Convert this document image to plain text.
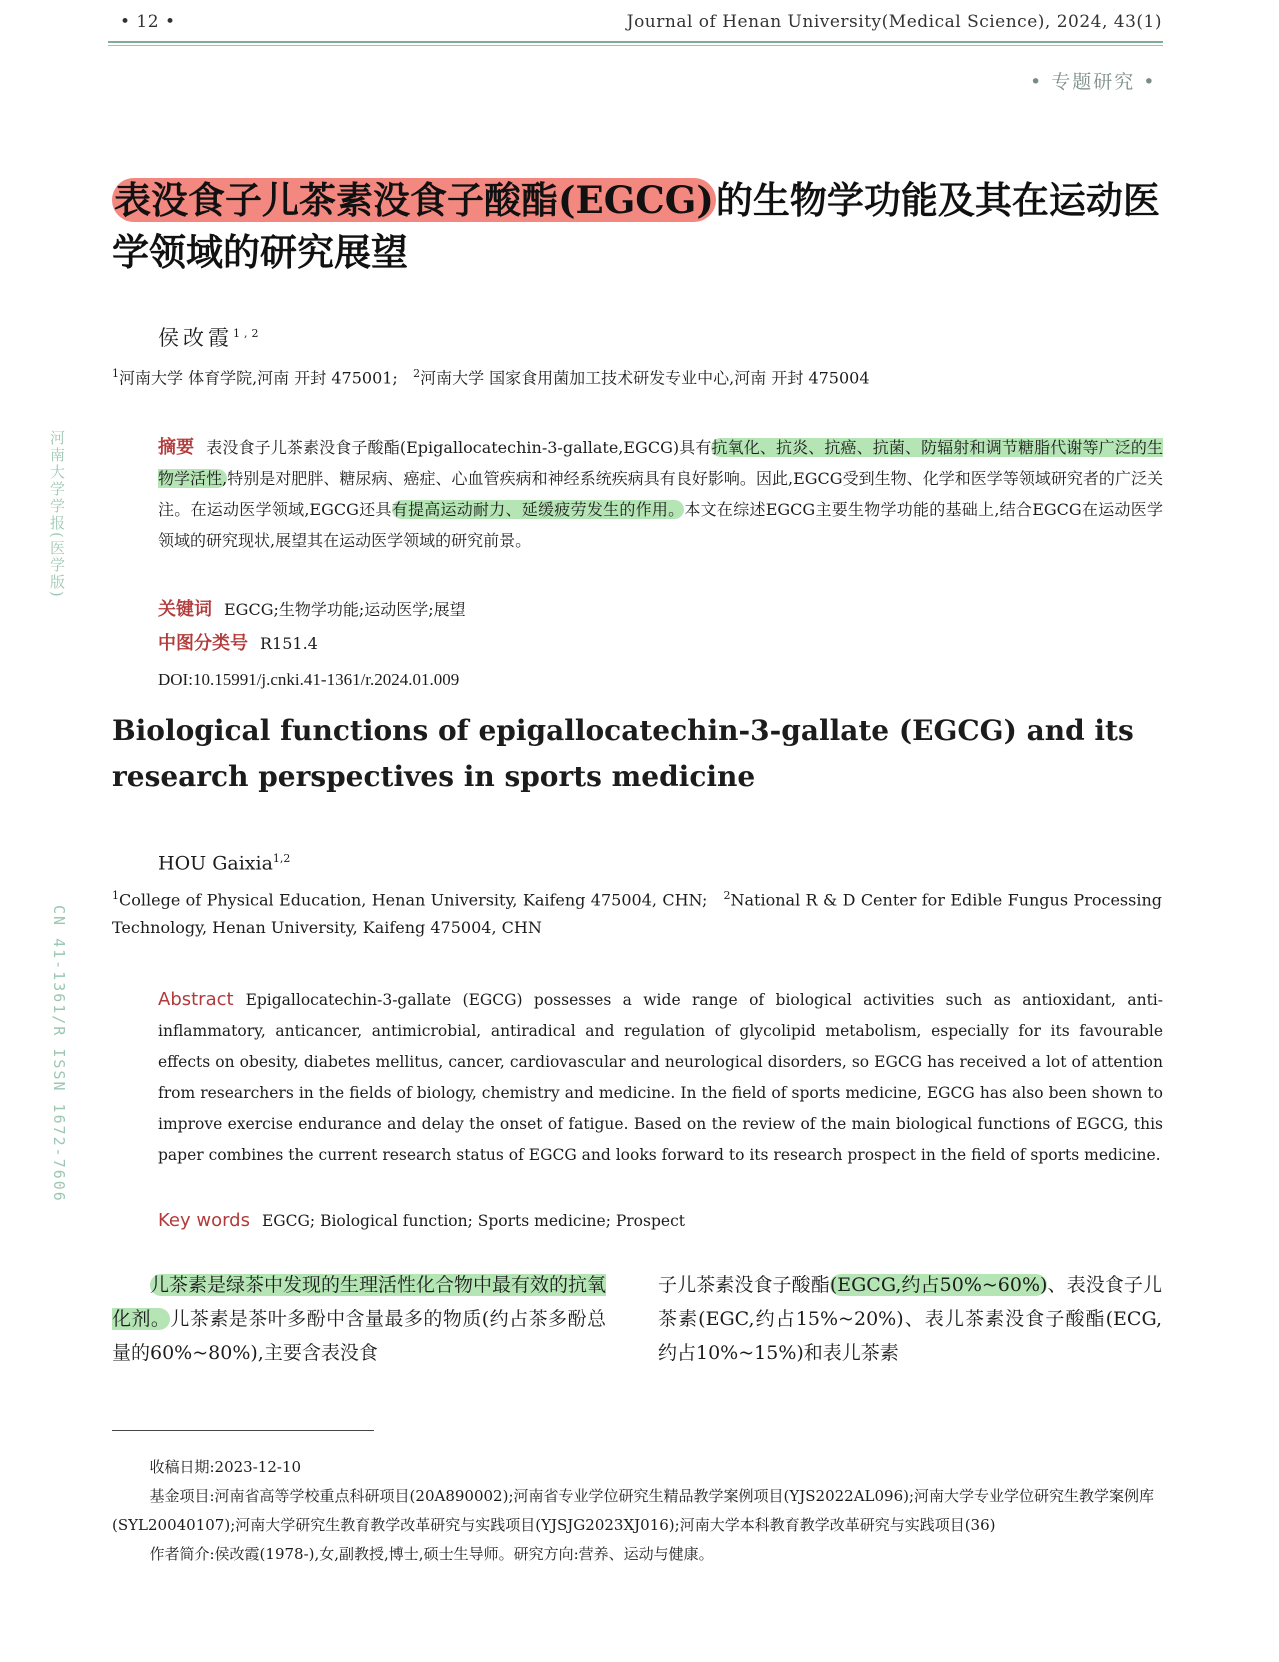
• 12 •	Journal of Henan University(Medical Science), 2024, 43(1)
• 专题研究 •
河南大学学报(医学版)
CN 41-1361/R ISSN 1672-7606
表没食子儿茶素没食子酸酯(EGCG)的生物学功能及其在运动医学领域的研究展望
侯改霞$^{1,2}$
$^1$河南大学 体育学院,河南 开封 475001; $^2$河南大学 国家食用菌加工技术研发专业中心,河南 开封 475004
摘要 表没食子儿茶素没食子酸酯(Epigallocatechin-3-gallate,EGCG)具有抗氧化、抗炎、抗癌、抗菌、防辐射和调节糖脂代谢等广泛的生物学活性,特别是对肥胖、糖尿病、癌症、心血管疾病和神经系统疾病具有良好影响。因此,EGCG受到生物、化学和医学等领域研究者的广泛关注。在运动医学领域,EGCG还具有提高运动耐力、延缓疲劳发生的作用。本文在综述EGCG主要生物学功能的基础上,结合EGCG在运动医学领域的研究现状,展望其在运动医学领域的研究前景。
关键词 EGCG;生物学功能;运动医学;展望
中图分类号 R151.4
DOI:10.15991/j.cnki.41-1361/r.2024.01.009
Biological functions of epigallocatechin-3-gallate (EGCG) and its research perspectives in sports medicine
HOU Gaixia$^{1,2}$
$^1$College of Physical Education, Henan University, Kaifeng 475004, CHN; $^2$National R & D Center for Edible Fungus Processing Technology, Henan University, Kaifeng 475004, CHN
Abstract Epigallocatechin-3-gallate (EGCG) possesses a wide range of biological activities such as antioxidant, anti-inflammatory, anticancer, antimicrobial, antiradical and regulation of glycolipid metabolism, especially for its favourable effects on obesity, diabetes mellitus, cancer, cardiovascular and neurological disorders, so EGCG has received a lot of attention from researchers in the fields of biology, chemistry and medicine. In the field of sports medicine, EGCG has also been shown to improve exercise endurance and delay the onset of fatigue. Based on the review of the main biological functions of EGCG, this paper combines the current research status of EGCG and looks forward to its research prospect in the field of sports medicine.
Key words EGCG; Biological function; Sports medicine; Prospect
儿茶素是绿茶中发现的生理活性化合物中最有效的抗氧化剂。儿茶素是茶叶多酚中含量最多的物质(约占茶多酚总量的60%~80%),主要含表没食
子儿茶素没食子酸酯(EGCG,约占50%~60%)、表没食子儿茶素(EGC,约占15%~20%)、表儿茶素没食子酸酯(ECG,约占10%~15%)和表儿茶素

收稿日期:2023-12-10

基金项目:河南省高等学校重点科研项目(20A890002);河南省专业学位研究生精品教学案例项目(YJS2022AL096);河南大学专业学位研究生教学案例库(SYL20040107);河南大学研究生教育教学改革研究与实践项目(YJSJG2023XJ016);河南大学本科教育教学改革研究与实践项目(36)

作者简介:侯改霞(1978-),女,副教授,博士,硕士生导师。研究方向:营养、运动与健康。
